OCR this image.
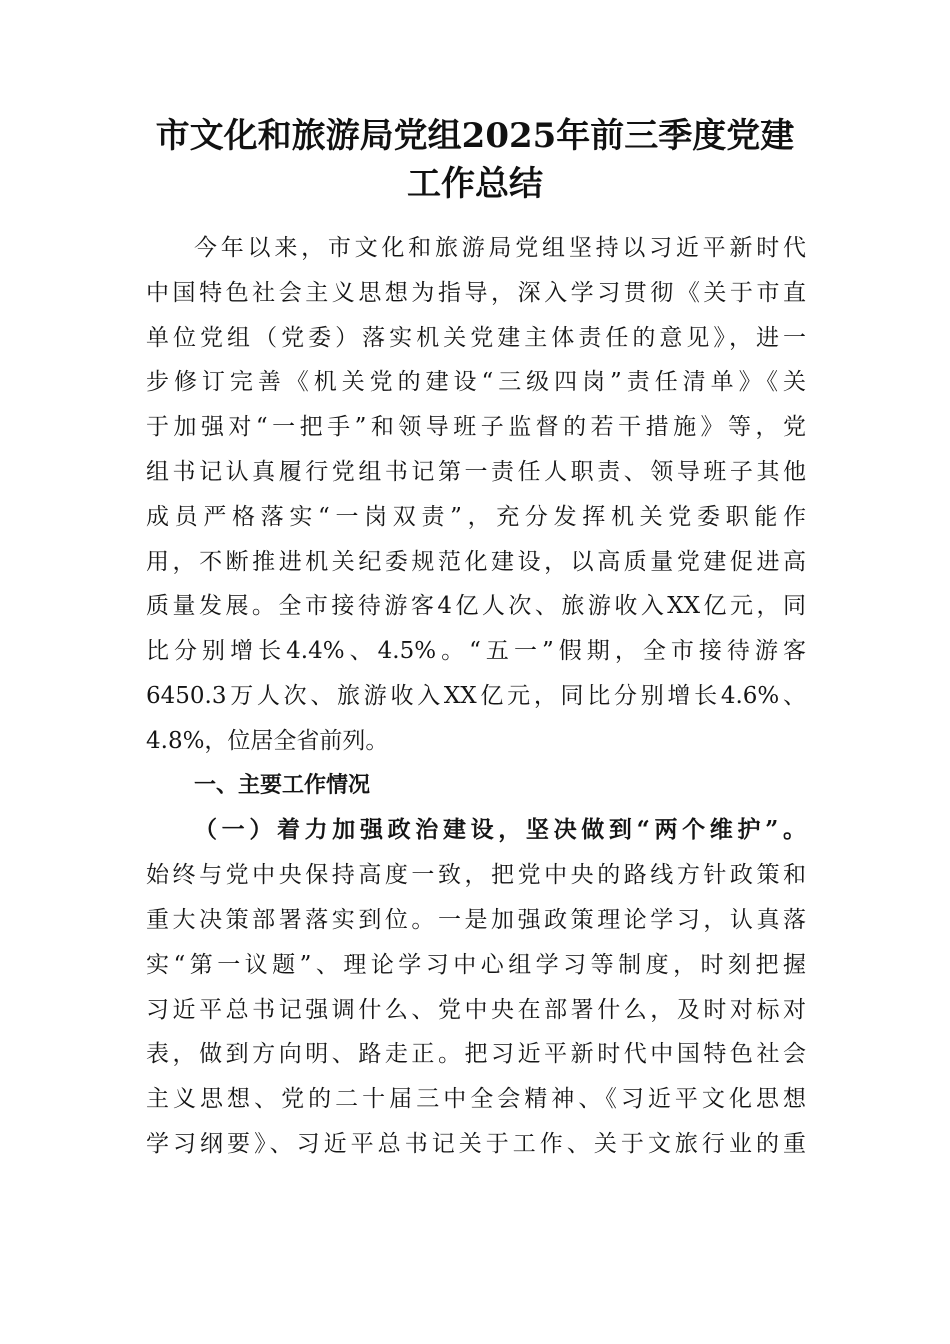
市文化和旅游局党组2025年前三季度党建
工作总结
今年以来，市文化和旅游局党组坚持以习近平新时代
中国特色社会主义思想为指导，深入学习贯彻《关于市直
单位党组（党委）落实机关党建主体责任的意见》，进一
步修订完善《机关党的建设“三级四岗”责任清单》《关
于加强对“一把手”和领导班子监督的若干措施》等，党
组书记认真履行党组书记第一责任人职责、领导班子其他
成员严格落实“一岗双责”，充分发挥机关党委职能作
用，不断推进机关纪委规范化建设，以高质量党建促进高
质量发展。全市接待游客4亿人次、旅游收入XX亿元，同
比分别增长4.4%、4.5%。“五一”假期，全市接待游客
6450.3万人次、旅游收入XX亿元，同比分别增长4.6%、
4.8%，位居全省前列。
一、主要工作情况
（一）着力加强政治建设，坚决做到“两个维护”。
始终与党中央保持高度一致，把党中央的路线方针政策和
重大决策部署落实到位。一是加强政策理论学习，认真落
实“第一议题”、理论学习中心组学习等制度，时刻把握
习近平总书记强调什么、党中央在部署什么，及时对标对
表，做到方向明、路走正。把习近平新时代中国特色社会
主义思想、党的二十届三中全会精神、《习近平文化思想
学习纲要》、习近平总书记关于工作、关于文旅行业的重
